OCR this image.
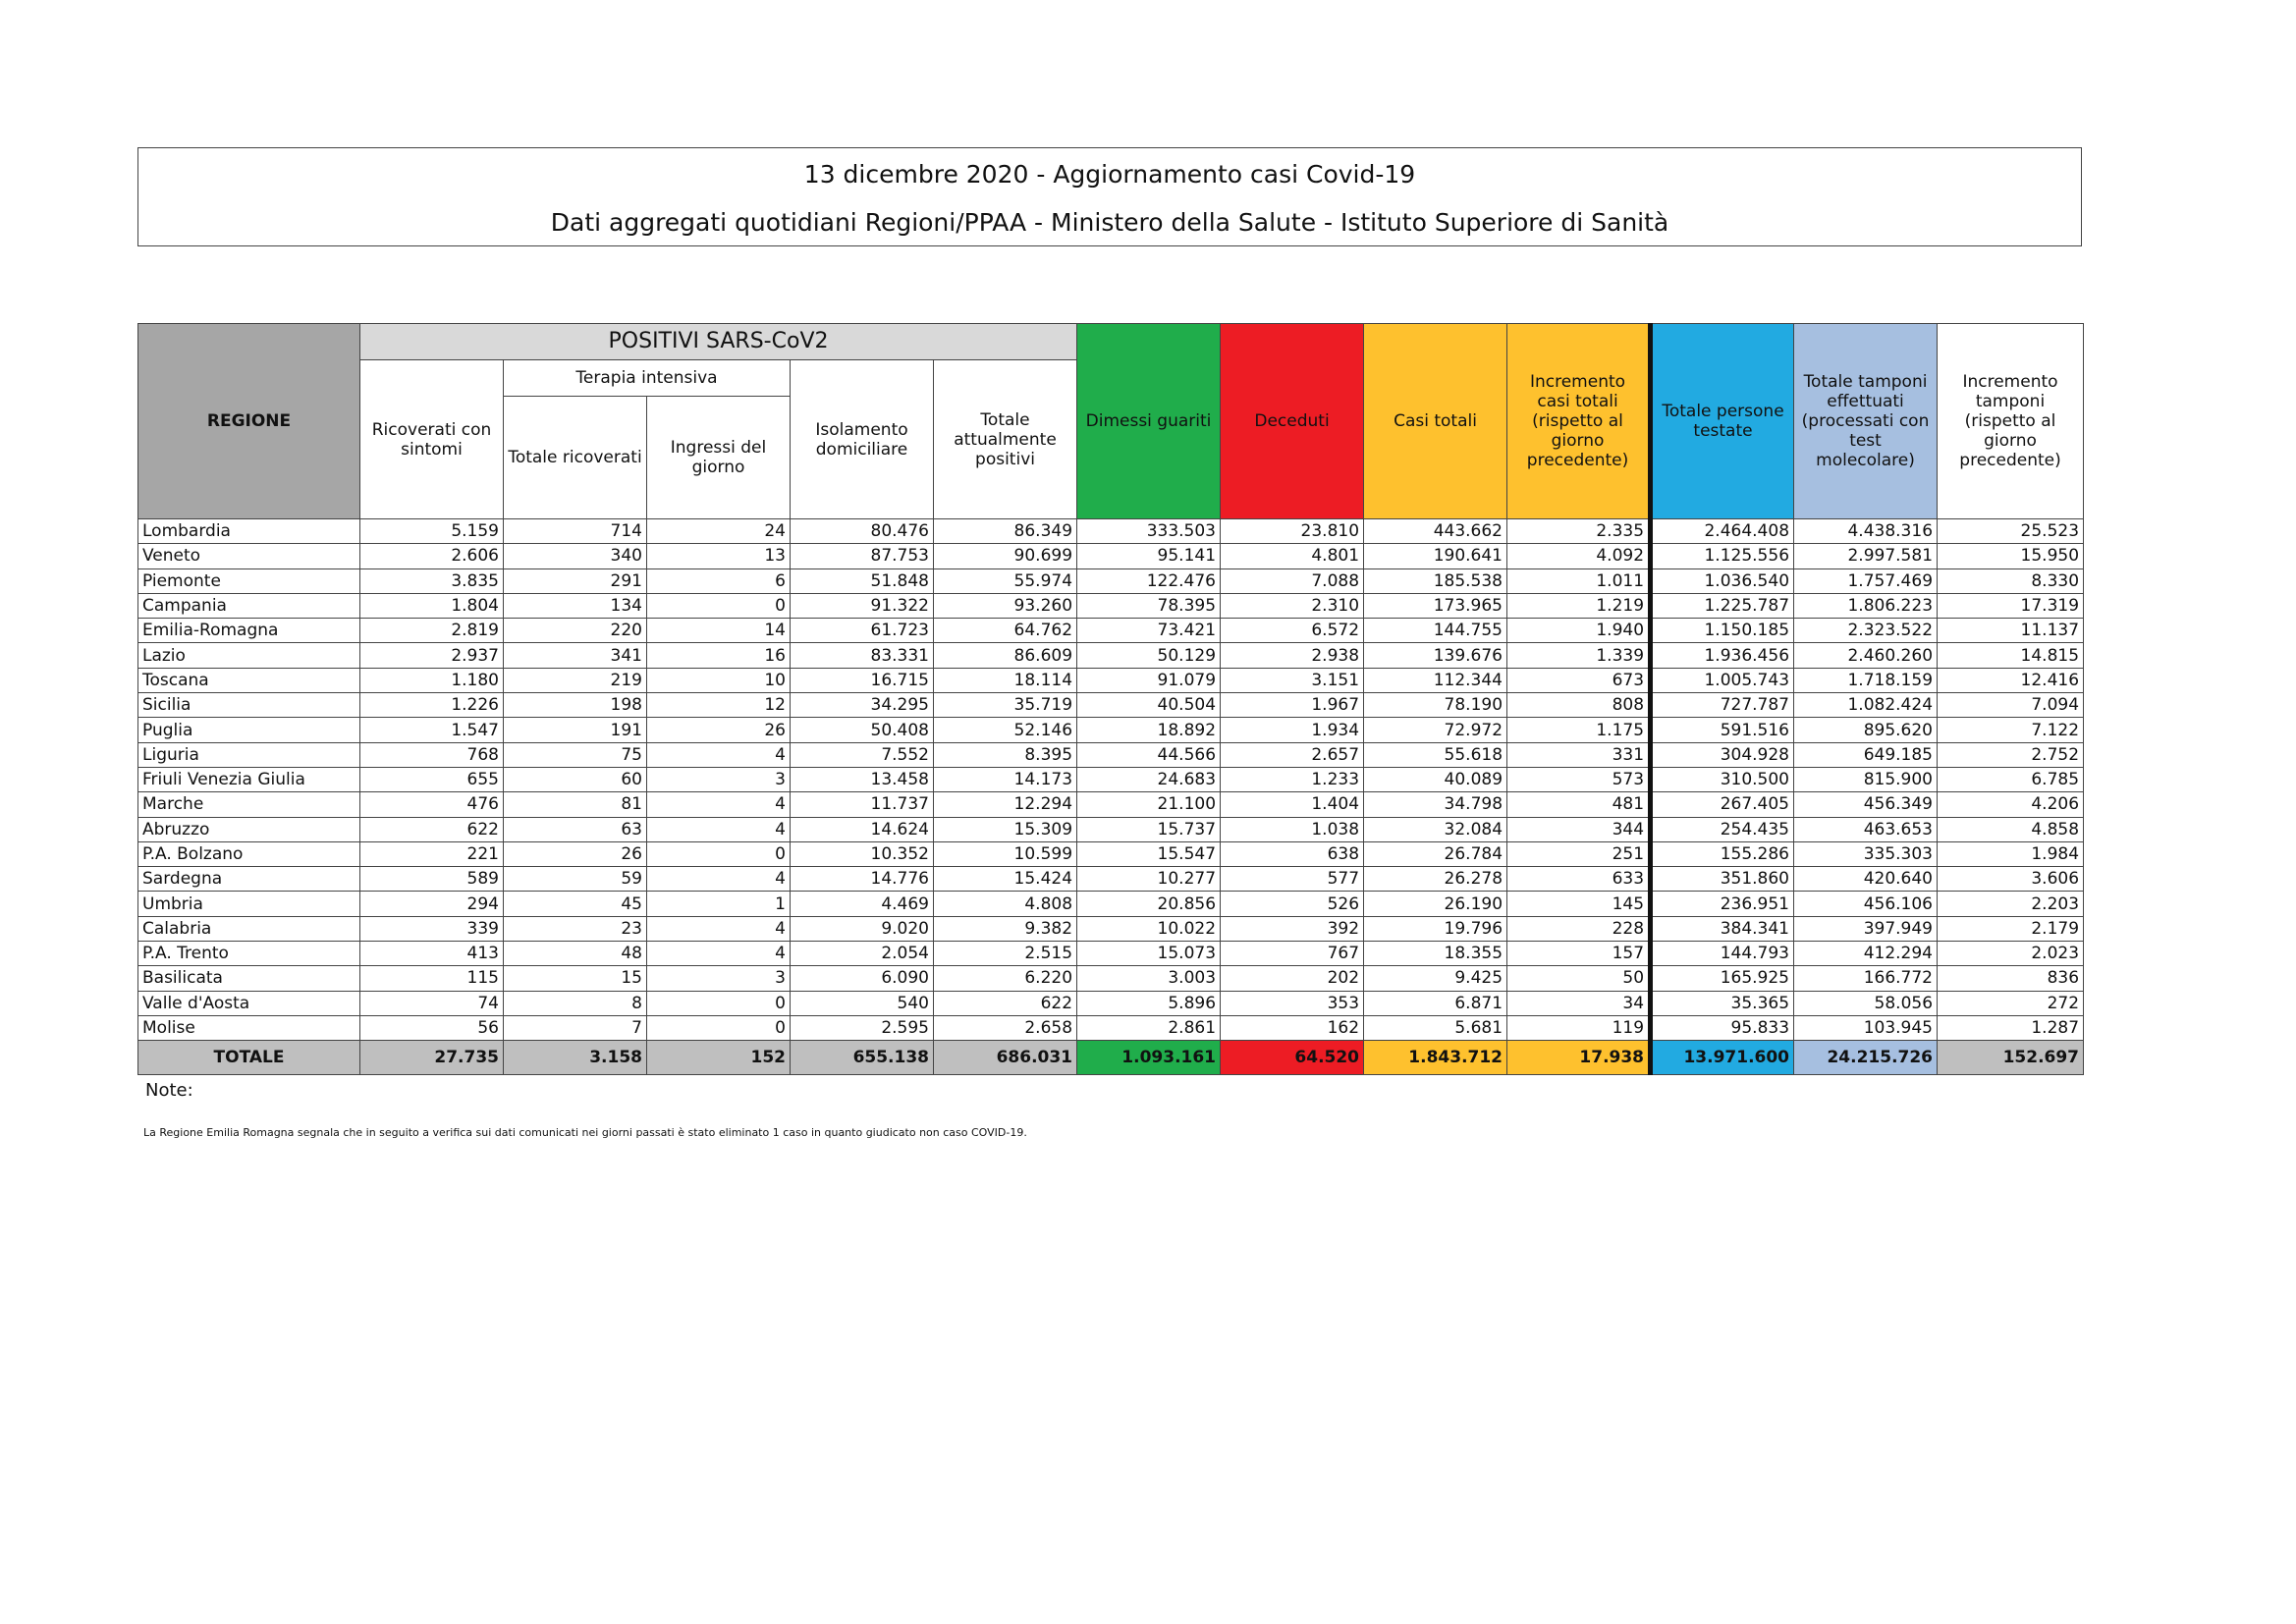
13 dicembre 2020 - Aggiornamento casi Covid-19
Dati aggregati quotidiani Regioni/PPAA - Ministero della Salute - Istituto Superiore di Sanità
REGIONE	POSITIVI SARS-CoV2					Dimessi guariti	Deceduti	Casi totali	Incremento casi totali (rispetto al giorno precedente)	Totale persone testate	Totale tamponi effettuati (processati con test molecolare)	Incremento tamponi (rispetto al giorno precedente)
	Ricoverati con sintomi	Terapia intensiva		Isolamento domiciliare	Totale attualmente positivi							
		Totale ricoverati	Ingressi del giorno									
Lombardia	5.159	714	24	80.476	86.349	333.503	23.810	443.662	2.335	2.464.408	4.438.316	25.523
Veneto	2.606	340	13	87.753	90.699	95.141	4.801	190.641	4.092	1.125.556	2.997.581	15.950
Piemonte	3.835	291	6	51.848	55.974	122.476	7.088	185.538	1.011	1.036.540	1.757.469	8.330
Campania	1.804	134	0	91.322	93.260	78.395	2.310	173.965	1.219	1.225.787	1.806.223	17.319
Emilia-Romagna	2.819	220	14	61.723	64.762	73.421	6.572	144.755	1.940	1.150.185	2.323.522	11.137
Lazio	2.937	341	16	83.331	86.609	50.129	2.938	139.676	1.339	1.936.456	2.460.260	14.815
Toscana	1.180	219	10	16.715	18.114	91.079	3.151	112.344	673	1.005.743	1.718.159	12.416
Sicilia	1.226	198	12	34.295	35.719	40.504	1.967	78.190	808	727.787	1.082.424	7.094
Puglia	1.547	191	26	50.408	52.146	18.892	1.934	72.972	1.175	591.516	895.620	7.122
Liguria	768	75	4	7.552	8.395	44.566	2.657	55.618	331	304.928	649.185	2.752
Friuli Venezia Giulia	655	60	3	13.458	14.173	24.683	1.233	40.089	573	310.500	815.900	6.785
Marche	476	81	4	11.737	12.294	21.100	1.404	34.798	481	267.405	456.349	4.206
Abruzzo	622	63	4	14.624	15.309	15.737	1.038	32.084	344	254.435	463.653	4.858
P.A. Bolzano	221	26	0	10.352	10.599	15.547	638	26.784	251	155.286	335.303	1.984
Sardegna	589	59	4	14.776	15.424	10.277	577	26.278	633	351.860	420.640	3.606
Umbria	294	45	1	4.469	4.808	20.856	526	26.190	145	236.951	456.106	2.203
Calabria	339	23	4	9.020	9.382	10.022	392	19.796	228	384.341	397.949	2.179
P.A. Trento	413	48	4	2.054	2.515	15.073	767	18.355	157	144.793	412.294	2.023
Basilicata	115	15	3	6.090	6.220	3.003	202	9.425	50	165.925	166.772	836
Valle d'Aosta	74	8	0	540	622	5.896	353	6.871	34	35.365	58.056	272
Molise	56	7	0	2.595	2.658	2.861	162	5.681	119	95.833	103.945	1.287
TOTALE	27.735	3.158	152	655.138	686.031	1.093.161	64.520	1.843.712	17.938	13.971.600	24.215.726	152.697
Note:
La Regione Emilia Romagna segnala che in seguito a verifica sui dati comunicati nei giorni passati è stato eliminato 1 caso in quanto giudicato non caso COVID-19.
